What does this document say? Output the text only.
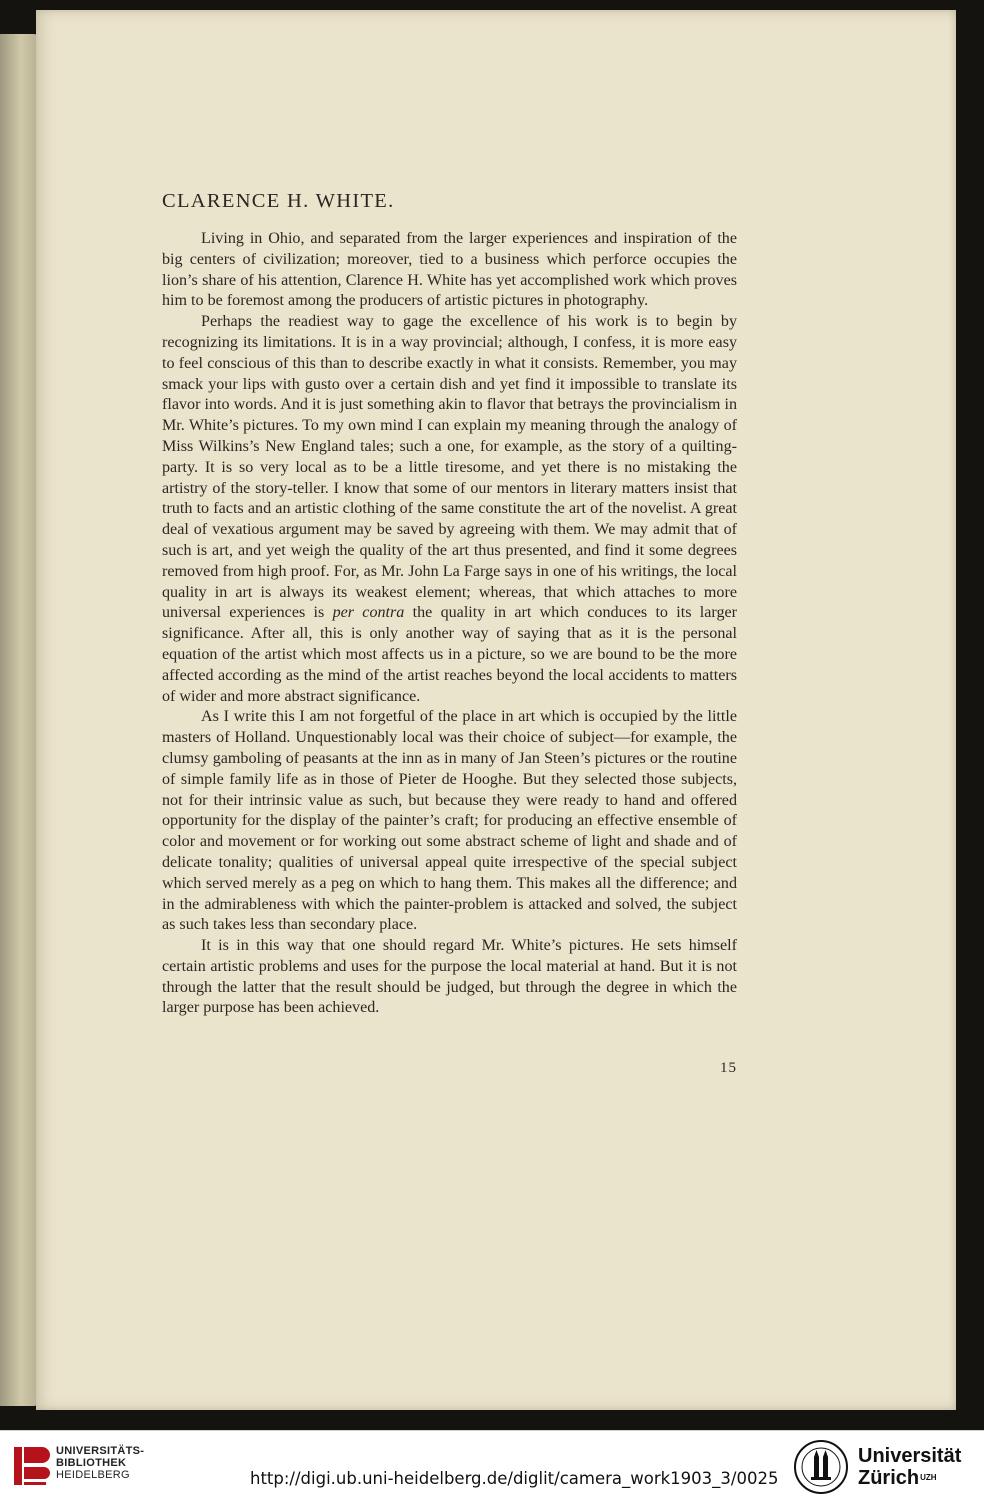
CLARENCE H. WHITE.

Living in Ohio, and separated from the larger experiences and inspiration of the big centers of civilization; moreover, tied to a business which perforce occupies the lion’s share of his attention, Clarence H. White has yet accomplished work which proves him to be foremost among the producers of artistic pictures in photography.

Perhaps the readiest way to gage the excellence of his work is to begin by recognizing its limitations. It is in a way provincial; although, I confess, it is more easy to feel conscious of this than to describe exactly in what it consists. Remember, you may smack your lips with gusto over a certain dish and yet find it impossible to translate its flavor into words. And it is just something akin to flavor that betrays the provincialism in Mr. White’s pictures. To my own mind I can explain my meaning through the analogy of Miss Wilkins’s New England tales; such a one, for example, as the story of a quilting-party. It is so very local as to be a little tiresome, and yet there is no mistaking the artistry of the story-teller. I know that some of our mentors in literary matters insist that truth to facts and an artistic clothing of the same constitute the art of the novelist. A great deal of vexatious argument may be saved by agreeing with them. We may admit that of such is art, and yet weigh the quality of the art thus presented, and find it some degrees removed from high proof. For, as Mr. John La Farge says in one of his writings, the local quality in art is always its weakest element; whereas, that which attaches to more universal experiences is per contra the quality in art which conduces to its larger significance. After all, this is only another way of saying that as it is the personal equation of the artist which most affects us in a picture, so we are bound to be the more affected according as the mind of the artist reaches beyond the local accidents to matters of wider and more abstract significance.

As I write this I am not forgetful of the place in art which is occupied by the little masters of Holland. Unquestionably local was their choice of subject—for example, the clumsy gamboling of peasants at the inn as in many of Jan Steen’s pictures or the routine of simple family life as in those of Pieter de Hooghe. But they selected those subjects, not for their intrinsic value as such, but because they were ready to hand and offered opportunity for the display of the painter’s craft; for producing an effective ensemble of color and movement or for working out some abstract scheme of light and shade and of delicate tonality; qualities of universal appeal quite irrespective of the special subject which served merely as a peg on which to hang them. This makes all the difference; and in the admirableness with which the painter-problem is attacked and solved, the subject as such takes less than secondary place.

It is in this way that one should regard Mr. White’s pictures. He sets himself certain artistic problems and uses for the purpose the local material at hand. But it is not through the latter that the result should be judged, but through the degree in which the larger purpose has been achieved.

15
UNIVERSITÄTS-
BIBLIOTHEK
HEIDELBERG	http://digi.ub.uni-heidelberg.de/diglit/camera_work1903_3/0025
Universität
Zürich$^{UZH}$
